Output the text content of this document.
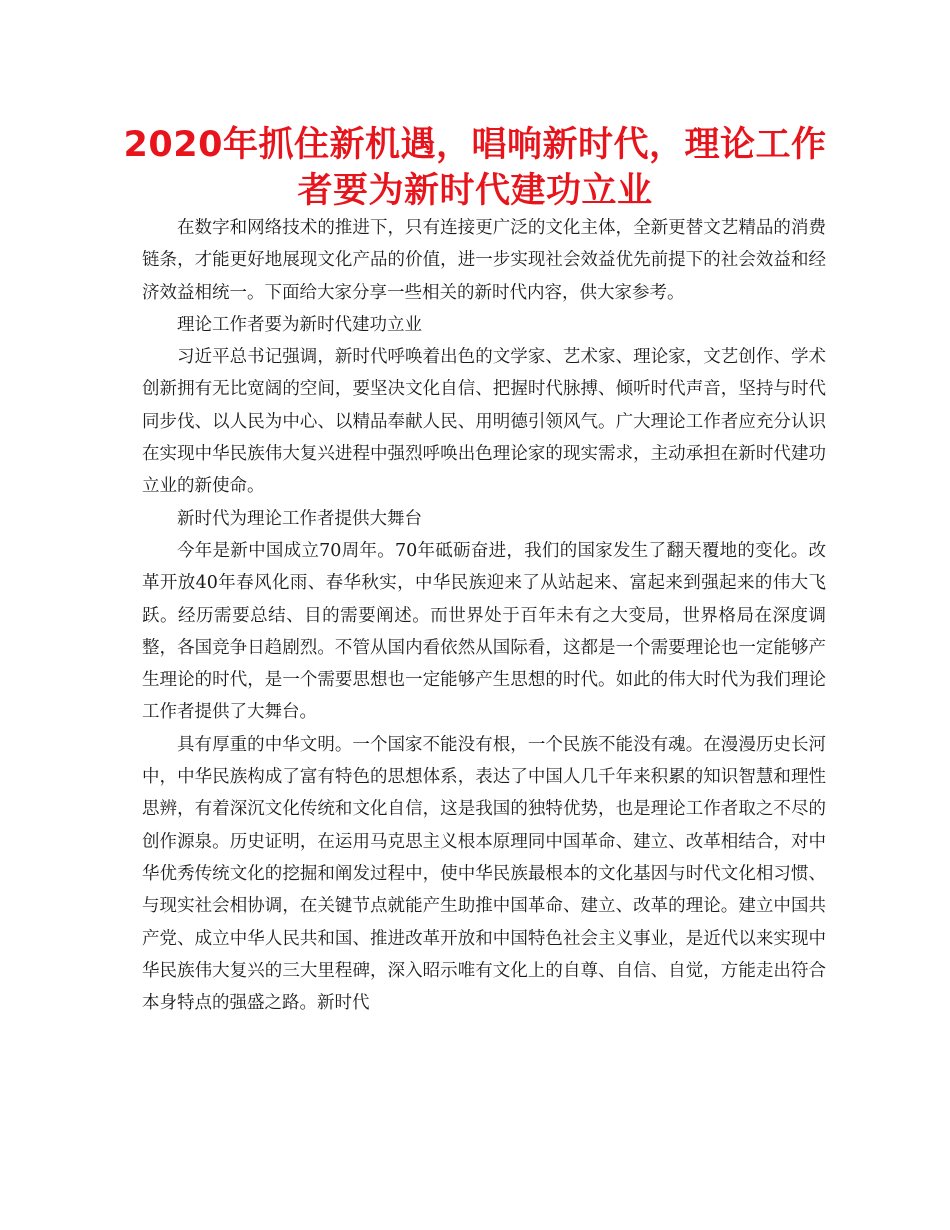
2020年抓住新机遇，唱响新时代，理论工作者要为新时代建功立业

在数字和网络技术的推进下，只有连接更广泛的文化主体，全新更替文艺精品的消费链条，才能更好地展现文化产品的价值，进一步实现社会效益优先前提下的社会效益和经济效益相统一。下面给大家分享一些相关的新时代内容，供大家参考。

理论工作者要为新时代建功立业

习近平总书记强调，新时代呼唤着出色的文学家、艺术家、理论家，文艺创作、学术创新拥有无比宽阔的空间，要坚决文化自信、把握时代脉搏、倾听时代声音，坚持与时代同步伐、以人民为中心、以精品奉献人民、用明德引领风气。广大理论工作者应充分认识在实现中华民族伟大复兴进程中强烈呼唤出色理论家的现实需求，主动承担在新时代建功立业的新使命。

新时代为理论工作者提供大舞台

今年是新中国成立70周年。70年砥砺奋进，我们的国家发生了翻天覆地的变化。改革开放40年春风化雨、春华秋实，中华民族迎来了从站起来、富起来到强起来的伟大飞跃。经历需要总结、目的需要阐述。而世界处于百年未有之大变局，世界格局在深度调整，各国竞争日趋剧烈。不管从国内看依然从国际看，这都是一个需要理论也一定能够产生理论的时代，是一个需要思想也一定能够产生思想的时代。如此的伟大时代为我们理论工作者提供了大舞台。

具有厚重的中华文明。一个国家不能没有根，一个民族不能没有魂。在漫漫历史长河中，中华民族构成了富有特色的思想体系，表达了中国人几千年来积累的知识智慧和理性思辨，有着深沉文化传统和文化自信，这是我国的独特优势，也是理论工作者取之不尽的创作源泉。历史证明，在运用马克思主义根本原理同中国革命、建立、改革相结合，对中华优秀传统文化的挖掘和阐发过程中，使中华民族最根本的文化基因与时代文化相习惯、与现实社会相协调，在关键节点就能产生助推中国革命、建立、改革的理论。建立中国共产党、成立中华人民共和国、推进改革开放和中国特色社会主义事业，是近代以来实现中华民族伟大复兴的三大里程碑，深入昭示唯有文化上的自尊、自信、自觉，方能走出符合本身特点的强盛之路。新时代
